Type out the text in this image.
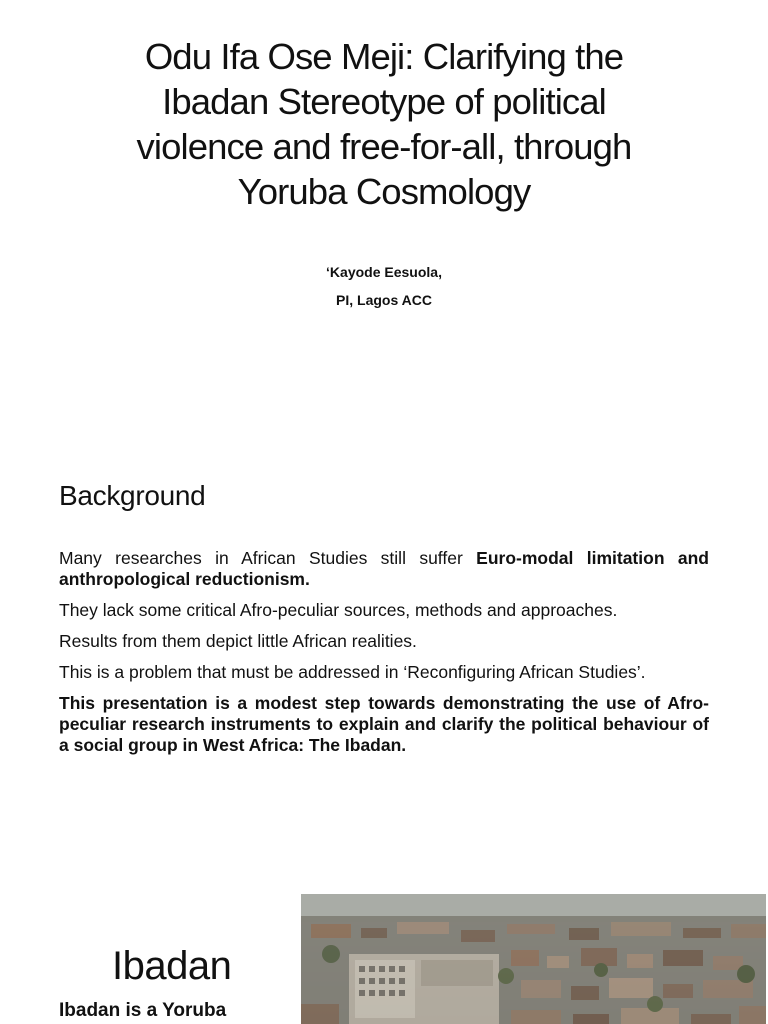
Odu Ifa Ose Meji: Clarifying the
Ibadan Stereotype of political
violence and free-for-all, through
Yoruba Cosmology
‘Kayode Eesuola,
PI, Lagos ACC
Background

Many researches in African Studies still suffer Euro-modal limitation and anthropological reductionism.

They lack some critical Afro-peculiar sources, methods and approaches.

Results from them depict little African realities.

This is a problem that must be addressed in ‘Reconfiguring African Studies’.

This presentation is a modest step towards demonstrating the use of Afro- peculiar research instruments to explain and clarify the political behaviour of a social group in West Africa: The Ibadan.

Ibadan
Ibadan is a Yoruba
